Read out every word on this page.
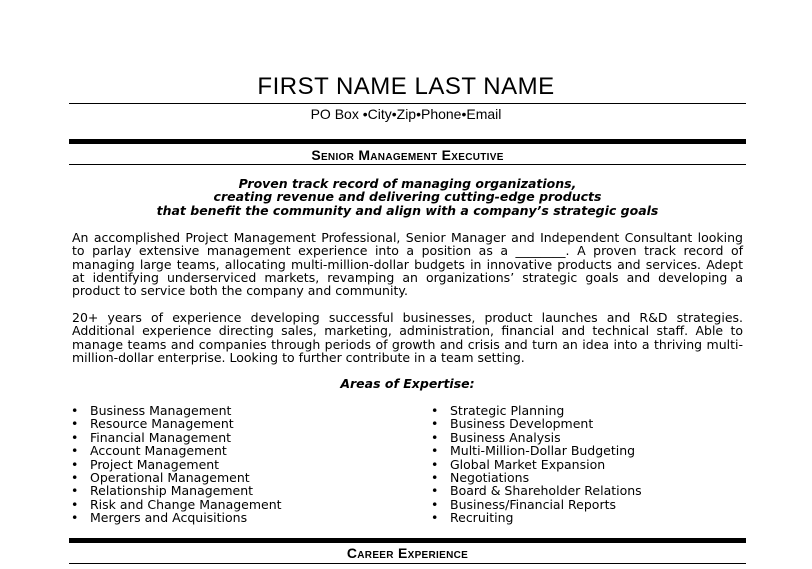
FIRST NAME LAST NAME
PO Box •City•Zip•Phone•Email
Senior Management Executive
Proven track record of managing organizations,
creating revenue and delivering cutting-edge products
that benefit the community and align with a company’s strategic goals
An accomplished Project Management Professional, Senior Manager and Independent Consultant looking to parlay extensive management experience into a position as a ________. A proven track record of managing large teams, allocating multi-million-dollar budgets in innovative products and services. Adept at identifying underserviced markets, revamping an organizations’ strategic goals and developing a product to service both the company and community.
20+ years of experience developing successful businesses, product launches and R&D strategies. Additional experience directing sales, marketing, administration, financial and technical staff. Able to manage teams and companies through periods of growth and crisis and turn an idea into a thriving multi-million-dollar enterprise. Looking to further contribute in a team setting.
Areas of Expertise:
• Business Management
• Resource Management
• Financial Management
• Account Management
• Project Management
• Operational Management
• Relationship Management
• Risk and Change Management
• Mergers and Acquisitions
• Strategic Planning
• Business Development
• Business Analysis
• Multi-Million-Dollar Budgeting
• Global Market Expansion
• Negotiations
• Board & Shareholder Relations
• Business/Financial Reports
• Recruiting
Career Experience
